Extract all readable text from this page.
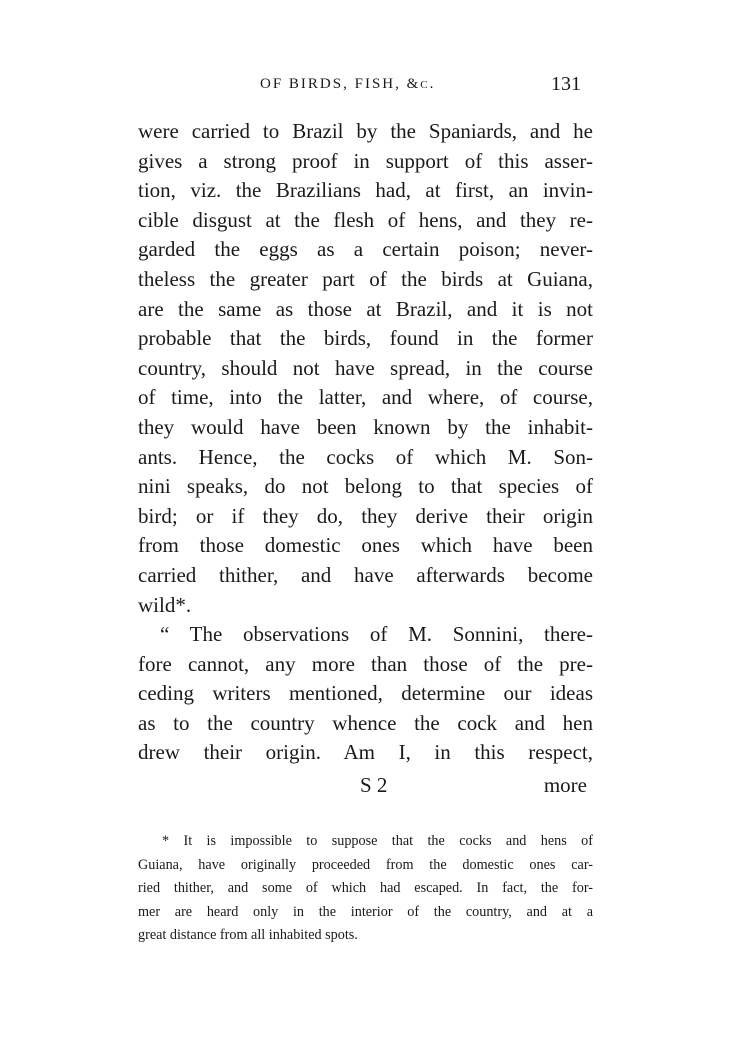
OF BIRDS, FISH, &c.	131
were carried to Brazil by the Spaniards, and he
gives a strong proof in support of this asser-
tion, viz. the Brazilians had, at first, an invin-
cible disgust at the flesh of hens, and they re-
garded the eggs as a certain poison; never-
theless the greater part of the birds at Guiana,
are the same as those at Brazil, and it is not
probable that the birds, found in the former
country, should not have spread, in the course
of time, into the latter, and where, of course,
they would have been known by the inhabit-
ants. Hence, the cocks of which M. Son-
nini speaks, do not belong to that species of
bird; or if they do, they derive their origin
from those domestic ones which have been
carried thither, and have afterwards become
wild*.
“ The observations of M. Sonnini, there-
fore cannot, any more than those of the pre-
ceding writers mentioned, determine our ideas
as to the country whence the cock and hen
drew their origin. Am I, in this respect,
S 2	more
* It is impossible to suppose that the cocks and hens of
Guiana, have originally proceeded from the domestic ones car-
ried thither, and some of which had escaped. In fact, the for-
mer are heard only in the interior of the country, and at a
great distance from all inhabited spots.
